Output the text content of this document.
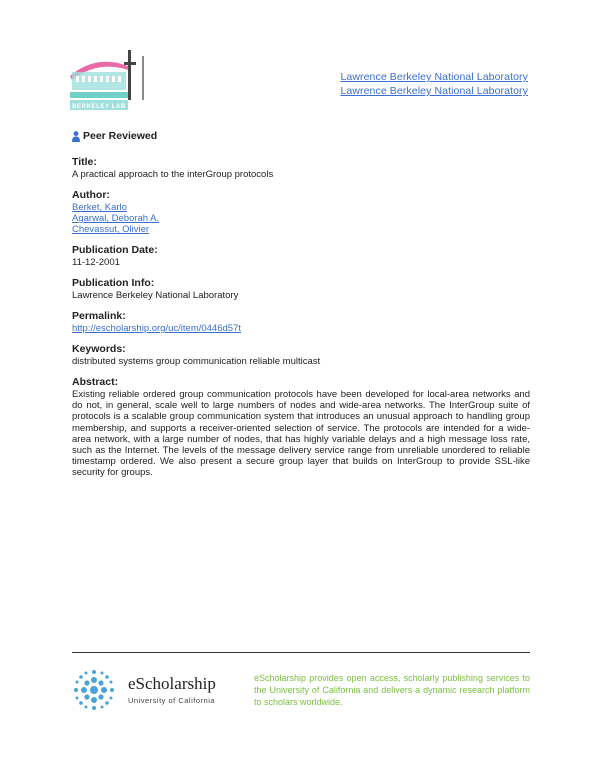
BERKELEY LAB
Lawrence Berkeley National Laboratory
Lawrence Berkeley National Laboratory
Peer Reviewed

Title:

A practical approach to the interGroup protocols

Author:

Berket, Karlo
Agarwal, Deborah A.
Chevassut, Olivier

Publication Date:

11-12-2001

Publication Info:

Lawrence Berkeley National Laboratory

Permalink:

http://escholarship.org/uc/item/0446d57t

Keywords:

distributed systems group communication reliable multicast

Abstract:

Existing reliable ordered group communication protocols have been developed for local-area networks and do not, in general, scale well to large numbers of nodes and wide-area networks. The InterGroup suite of protocols is a scalable group communication system that introduces an unusual approach to handling group membership, and supports a receiver-oriented selection of service. The protocols are intended for a wide-area network, with a large number of nodes, that has highly variable delays and a high message loss rate, such as the Internet. The levels of the message delivery service range from unreliable unordered to reliable timestamp ordered. We also present a secure group layer that builds on InterGroup to provide SSL-like security for groups.

eScholarship
University of California
eScholarship provides open access, scholarly publishing services to the University of California and delivers a dynamic research platform to scholars worldwide.
